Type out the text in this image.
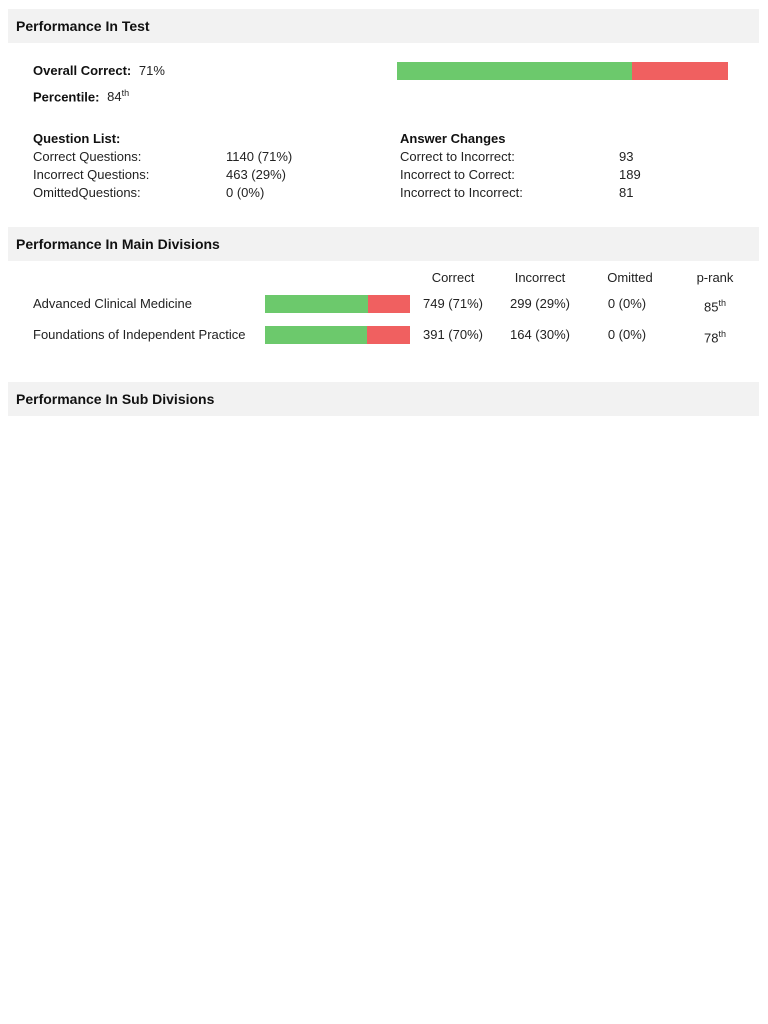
Performance In Test
Overall Correct: 71%
Percentile: 84th
Question List:
Correct Questions:	1140 (71%)
Incorrect Questions:	463 (29%)
OmittedQuestions:	0 (0%)
Answer Changes
Correct to Incorrect:	93
Incorrect to Correct:	189
Incorrect to Incorrect:	81
Performance In Main Divisions
Correct	Incorrect	Omitted	p-rank
Advanced Clinical Medicine	749 (71%)	299 (29%)	0 (0%)	85th
Foundations of Independent Practice	391 (70%)	164 (30%)	0 (0%)	78th
Performance In Sub Divisions
